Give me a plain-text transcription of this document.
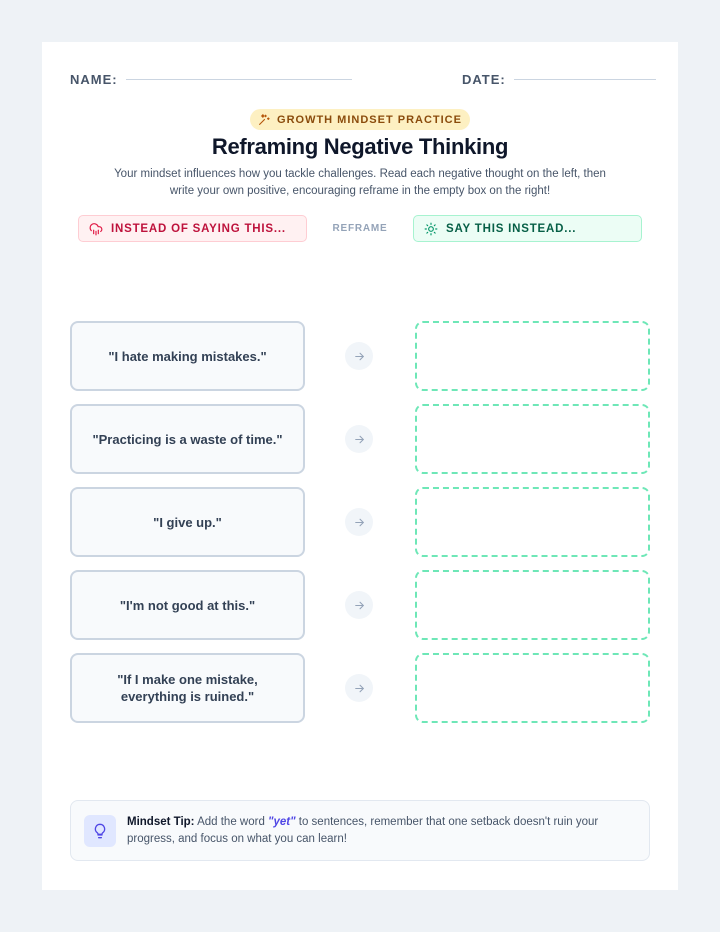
NAME:	DATE:
GROWTH MINDSET PRACTICE
Reframing Negative Thinking
Your mindset influences how you tackle challenges. Read each negative thought on the left, then write your own positive, encouraging reframe in the empty box on the right!
INSTEAD OF SAYING THIS...	REFRAME	SAY THIS INSTEAD...
"I hate making mistakes."
"Practicing is a waste of time."
"I give up."
"I'm not good at this."
"If I make one mistake, everything is ruined."
Mindset Tip: Add the word "yet" to sentences, remember that one setback doesn't ruin your progress, and focus on what you can learn!
